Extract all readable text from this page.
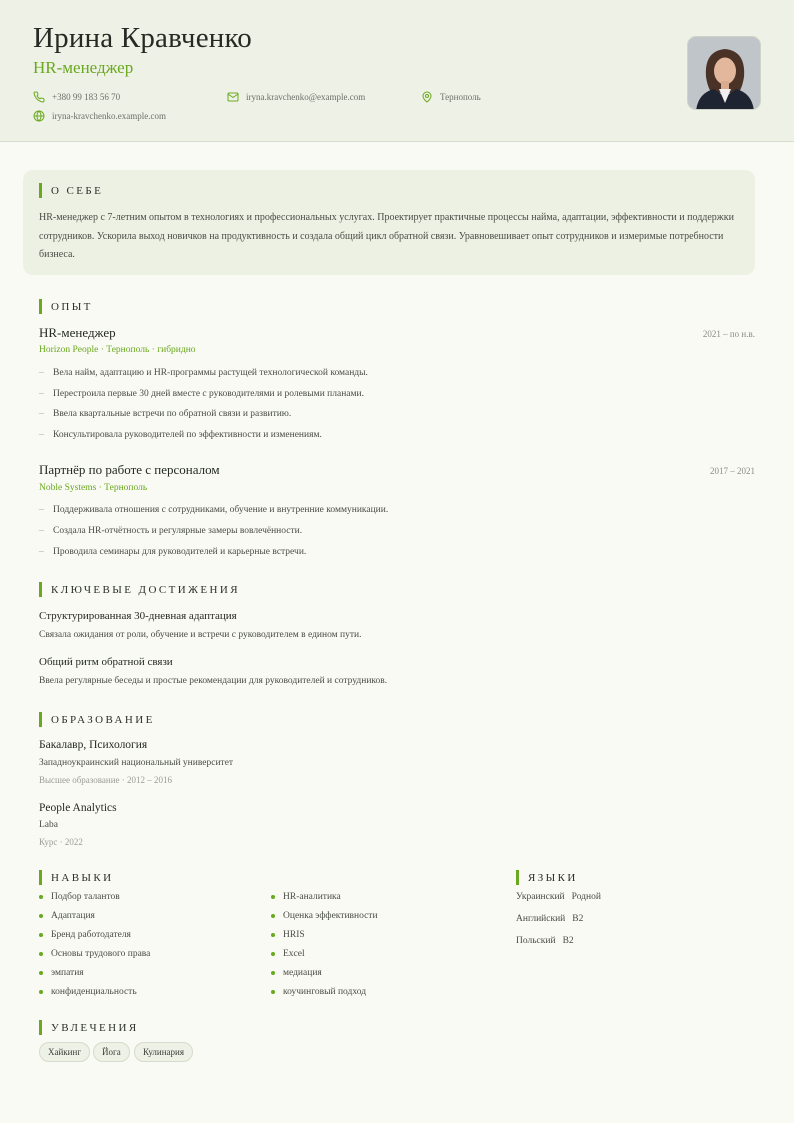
Ирина Кравченко
HR-менеджер
+380 99 183 56 70	iryna.kravchenko@example.com	Тернополь
iryna-kravchenko.example.com
О СЕБЕ
HR-менеджер с 7-летним опытом в технологиях и профессиональных услугах. Проектирует практичные процессы найма, адаптации, эффективности и поддержки сотрудников. Ускорила выход новичков на продуктивность и создала общий цикл обратной связи. Уравновешивает опыт сотрудников и измеримые потребности бизнеса.
ОПЫТ
HR-менеджер	2021 – по н.в.
Horizon People · Тернополь · гибридно
– Вела найм, адаптацию и HR-программы растущей технологической команды.
– Перестроила первые 30 дней вместе с руководителями и ролевыми планами.
– Ввела квартальные встречи по обратной связи и развитию.
– Консультировала руководителей по эффективности и изменениям.
Партнёр по работе с персоналом	2017 – 2021
Noble Systems · Тернополь
– Поддерживала отношения с сотрудниками, обучение и внутренние коммуникации.
– Создала HR-отчётность и регулярные замеры вовлечённости.
– Проводила семинары для руководителей и карьерные встречи.
КЛЮЧЕВЫЕ ДОСТИЖЕНИЯ
Структурированная 30-дневная адаптация
Связала ожидания от роли, обучение и встречи с руководителем в едином пути.
Общий ритм обратной связи
Ввела регулярные беседы и простые рекомендации для руководителей и сотрудников.
ОБРАЗОВАНИЕ
Бакалавр, Психология
Западноукраинский национальный университет
Высшее образование · 2012 – 2016
People Analytics
Laba
Курс · 2022
НАВЫКИ
Подбор талантов
Адаптация
Бренд работодателя
Основы трудового права
эмпатия
конфиденциальность
HR-аналитика
Оценка эффективности
HRIS
Excel
медиация
коучинговый подход
ЯЗЫКИ
Украинский Родной
Английский B2
Польский B2
УВЛЕЧЕНИЯ
Хайкинг	Йога	Кулинария
